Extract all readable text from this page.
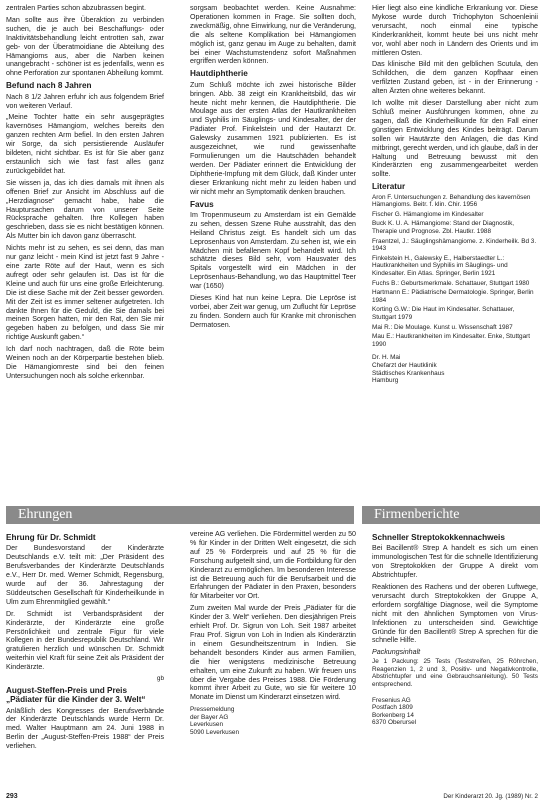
zentralen Parties schon abzubrassen begint.

Man sollte aus ihre Überaktion zu verbinden suchen, die je auch bei Beschaffungs- oder Inaktivitätsbehandlung leicht entrotten sah, zwar geb- von der Überatmoidiane die Abteilung des Hämangioms aus, aber die Narben keinen unangebracht - schöner ist es jedenfalls, wenn es ohne Perforation zur spontanen Abheilung kommt.

Befund nach 8 Jahren

Nach 8 1/2 Jahren erfuhr ich aus folgendem Brief von weiteren Verlauf.

„Meine Tochter hatte ein sehr ausgeprägtes kavernöses Hämangiom, welches bereits den ganzen rechten Arm befiel. In den ersten Jahren wir Sorge, da sich persistierende Ausläufer bildeten, nicht sichtbar. Es ist für Sie aber ganz erstaunlich sich wie fast fast alles ganz zurückgebildet hat.

Sie wissen ja, das ich dies damals mit ihnen als offenen Brief zur Ansicht im Abschluss auf die „Herzdiagnose“ gemacht habe, habe die Hauptursachen darum von unserer Seite Rücksprache gehalten. Ihre Kollegen haben geschrieben, dass sie es nicht bestätigen können. Als Mutter bin ich davon ganz überrascht.

Nichts mehr ist zu sehen, es sei denn, das man nur ganz leicht - mein Kind ist jetzt fast 9 Jahre - eine zarte Röte auf der Haut, wenn es sich aufregt oder sehr gelaufen ist. Das ist für die Kleine und auch für uns eine große Erleichterung. Die ist diese Sache mit der Zeit besser geworden. Mit der Zeit ist es immer seltener aufgetreten. Ich dankte Ihnen für die Geduld, die Sie damals bei meinen Sorgen hatten, mir den Rat, den Sie mir gegeben haben zu befolgen, und dass Sie mir richtige Auskunft gaben.“

Ich darf noch nachtragen, daß die Röte beim Weinen noch an der Körperpartie bestehen blieb. Die Hämangiomreste sind bei den feinen Untersuchungen noch als solche erkennbar.

sorgsam beobachtet werden. Keine Ausnahme: Operationen kommen in Frage. Sie sollten doch, zweckmäßig, ohne Einwirkung, nur die Veränderung, die als seltene Komplikation bei Hämangiomen möglich ist, ganz genau im Auge zu behalten, damit bei einer Wachstumstendenz sofort Maßnahmen ergriffen werden können.

Hautdiphtherie

Zum Schluß möchte ich zwei historische Bilder bringen. Abb. 38 zeigt ein Krankheitsbild, das wir heute nicht mehr kennen, die Hautdiphtherie. Die Moulage aus der ersten Atlas der Hautkrankheiten und Syphilis im Säuglings- und Kindesalter, der der Pädiater Prof. Finkelstein und der Hautarzt Dr. Galewsky zusammen 1921 publizierten. Es ist ausgezeichnet, wie rund gewissenhafte Formulierungen um die Hautschäden behandelt werden. Der Pädiater erinnert die Entwicklung der Diphtherie-Impfung mit dem Glück, daß Kinder unter dieser Erkrankung nicht mehr zu leiden haben und wir nicht mehr an Symptomatik denken brauchen.

Favus

Im Tropenmuseum zu Amsterdam ist ein Gemälde zu sehen, dessen Szene Ruhe ausstrahlt, das den Heiland Christus zeigt. Es handelt sich um das Leprosenhaus von Amsterdam. Zu sehen ist, wie ein Mädchen mit befallenem Kopf behandelt wird. Ich schätzte dieses Bild sehr, vom Hausvater des Spitals vorgestellt wird ein Mädchen in der Leprösenhaus-Behandlung, wo das Hauptmittel Teer war (1650)

Dieses Kind hat nun keine Lepra. Die Lepröse ist vorbei, aber Zeit war genug, um Zuflucht für Lepröse zu finden. Sondern auch für Kranke mit chronischen Dermatosen.

Hier liegt also eine kindliche Erkrankung vor. Diese Mykose wurde durch Trichophyton Schoenleinii verursacht, noch einmal eine typische Kinderkrankheit, kommt heute bei uns nicht mehr vor, wohl aber noch in Ländern des Orients und im mittleren Osten.

Das klinische Bild mit den gelblichen Scutula, den Schildchen, die dem ganzen Kopfhaar einen verfilzten Zustand geben, ist - in der Erinnerung - alten Ärzten ohne weiteres bekannt.

Ich wollte mit dieser Darstellung aber nicht zum Schluß meiner Ausführungen kommen, ohne zu sagen, daß die Kinderheilkunde für den Fall einer günstigen Entwicklung des Kindes beiträgt. Darum sollen wir Hautärzte den Anlagen, die das Kind mitbringt, gerecht werden, und ich glaube, daß in der Haltung und Betreuung bewusst mit den Kinderärzten eng zusammengearbeitet werden sollte.

Literatur

Aron F. Untersuchungen z. Behandlung des kavernösen Hämangioms. Beitr. f. klin. Chir. 1956

Fischer G. Hämangiome im Kindesalter

Buck K. U. A. Hämangiome: Stand der Diagnostik, Therapie und Prognose. Zbl. Hautkr. 1988

Fraentzel, J.: Säuglingshämangiome. z. Kinderheilk. Bd 3. 1943

Finkelstein H., Galewsky E., Halberstaedter L.: Hautkrankheiten und Syphilis im Säuglings- und Kindesalter. Ein Atlas. Springer, Berlin 1921

Fuchs B.: Geburtsmerkmale. Schattauer, Stuttgart 1980

Hartmann E.: Pädiatrische Dermatologie. Springer, Berlin 1984

Korting G.W.: Die Haut im Kindesalter. Schattauer, Stuttgart 1979

Mai R.: Die Moulage. Kunst u. Wissenschaft 1987

Mau E.: Hautkrankheiten im Kindesalter. Enke, Stuttgart 1990

Dr. H. Mai

Chefarzt der Hautklinik

Städtisches Krankenhaus

Hamburg

Ehrungen	Firmenberichte
Ehrung für Dr. Schmidt

Der Bundesvorstand der Kinderärzte Deutschlands e.V. teilt mit: „Der Präsident des Berufsverbandes der Kinderärzte Deutschlands e.V., Herr Dr. med. Werner Schmidt, Regensburg, wurde auf der 36. Jahrestagung der Süddeutschen Gesellschaft für Kinderheilkunde in Ulm zum Ehrenmitglied gewählt.“

Dr. Schmidt ist Verbandspräsident der Kinderärzte, der Kinderärzte eine große Persönlichkeit und zentrale Figur für viele Kollegen in der Bundesrepublik Deutschland. Wir gratulieren herzlich und wünschen Dr. Schmidt weiterhin viel Kraft für seine Zeit als Präsident der Kinderärzte.

gb
August-Steffen-Preis und Preis „Pädiater für die Kinder der 3. Welt“

Anläßlich des Kongresses der Berufsverbände der Kinderärzte Deutschlands wurde Herrn Dr. med. Walter Hauptmann am 24. Juni 1988 in Berlin der „August-Steffen-Preis 1988“ der Preis verliehen.

vereine AG verliehen. Die Fördermittel werden zu 50 % für Kinder in der Dritten Welt eingesetzt, die sich auf 25 % Förderpreis und auf 25 % für die Forschung aufgeteilt sind, um die Fortbildung für den Kinderarzt zu ermöglichen. Im besonderen Interesse ist die Betreuung auch für die Berufsarbeit und die Erfahrungen der Pädiater in den Praxen, besonders für Mitarbeiter vor Ort.

Zum zweiten Mal wurde der Preis „Pädiater für die Kinder der 3. Welt“ verliehen. Den diesjährigen Preis erhielt Prof. Dr. Sigrun von Loh. Seit 1987 arbeitet Frau Prof. Sigrun von Loh in Indien als Kinderärztin in einem Gesundheitszentrum in Indien. Sie behandelt besonders Kinder aus armen Familien, die hier wenigstens medizinische Betreuung erhalten, um eine Zukunft zu haben. Wir freuen uns über die Vergabe des Preises 1988. Die Förderung kommt ihrer Arbeit zu Gute, wo sie für weitere 10 Monate im Dienst um Kinderarzt einsetzen wird.

Pressemeldung

der Bayer AG

Leverkusen

5090 Leverkusen

Schneller Streptokokkennachweis

Bei Bacillent® Strep A handelt es sich um einen immunologischen Test für die schnelle Identifizierung von Streptokokken der Gruppe A direkt vom Abstrichtupfer.

Reaktionen des Rachens und der oberen Luftwege, verursacht durch Streptokokken der Gruppe A, erfordern sorgfältige Diagnose, weil die Symptome nicht mit den ähnlichen Symptomen von Virus-Infektionen zu unterscheiden sind. Gewichtige Gründe für den Bacillent® Strep A sprechen für die schnelle Hilfe.

Packungsinhalt

Je 1 Packung: 25 Tests (Teststreifen, 25 Röhrchen, Reagenzien 1, 2 und 3, Positiv- und Negativkontrolle, Abstrichtupfer und eine Gebrauchsanleitung). 50 Tests entsprechend.

Fresenius AG

Postfach 1809

Borkenberg 14

6370 Oberursel

293	Der Kinderarzt 20. Jg. (1989) Nr. 2
